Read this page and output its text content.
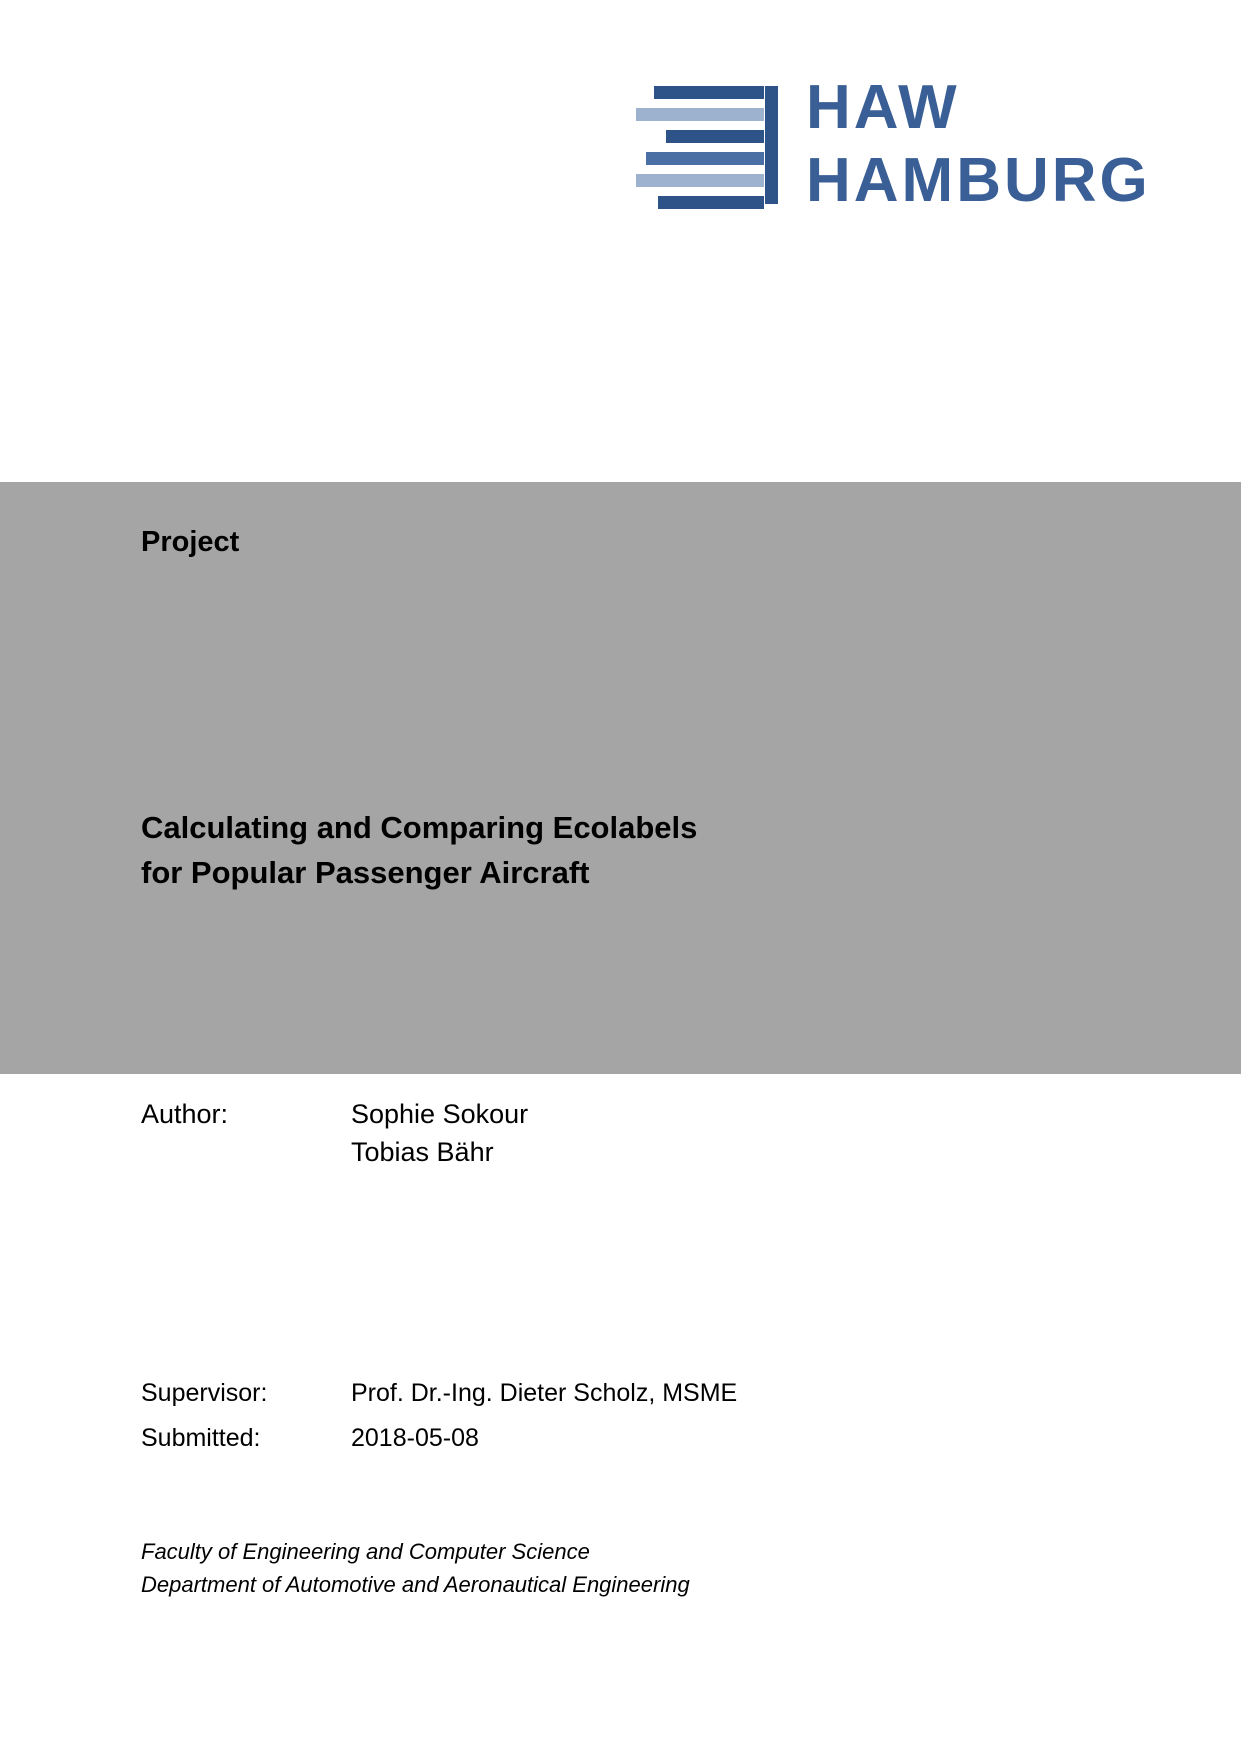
HAW
HAMBURG
Project
Calculating and Comparing Ecolabels
for Popular Passenger Aircraft
Author:	Sophie Sokour
Tobias Bähr
Supervisor:	Prof. Dr.-Ing. Dieter Scholz, MSME
Submitted:	2018-05-08
Faculty of Engineering and Computer Science
Department of Automotive and Aeronautical Engineering
